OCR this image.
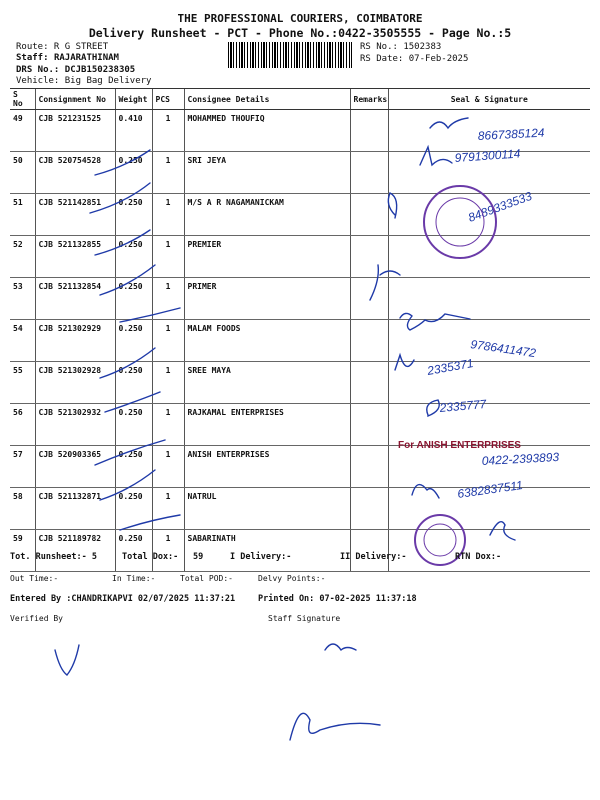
THE PROFESSIONAL COURIERS, COIMBATORE
Delivery Runsheet - PCT - Phone No.:0422-3505555 - Page No.:5
Route: R G STREET
Staff: RAJARATHINAM
DRS No.: DCJB150238305
Vehicle: Big Bag Delivery
RS No.: 1502383
RS Date: 07-Feb-2025
S No	Consignment No	Weight	PCS	Consignee Details	Remarks	Seal & Signature
49	CJB 521231525	0.410	1	MOHAMMED THOUFIQ		
50	CJB 520754528	0.250	1	SRI JEYA		
51	CJB 521142851	0.250	1	M/S A R NAGAMANICKAM		
52	CJB 521132855	0.250	1	PREMIER		
53	CJB 521132854	0.250	1	PRIMER		
54	CJB 521302929	0.250	1	MALAM FOODS		
55	CJB 521302928	0.250	1	SREE MAYA		
56	CJB 521302932	0.250	1	RAJKAMAL ENTERPRISES		
57	CJB 520903365	0.250	1	ANISH ENTERPRISES		
58	CJB 521132871	0.250	1	NATRUL		
59	CJB 521189782	0.250	1	SABARINATH		
8667385124
9791300114
8489333533
9786411472
2335371
2335777
0422-2393893
6382837511
For ANISH ENTERPRISES
Tot. Runsheet:- 5	Total Dox:- 59	I Delivery:-	II Delivery:-	RTN Dox:-
Out Time:-	In Time:-	Total POD:-	Delvy Points:-
Entered By :CHANDRIKAPVI 02/07/2025 11:37:21	Printed On: 07-02-2025 11:37:18
Verified By	Staff Signature
